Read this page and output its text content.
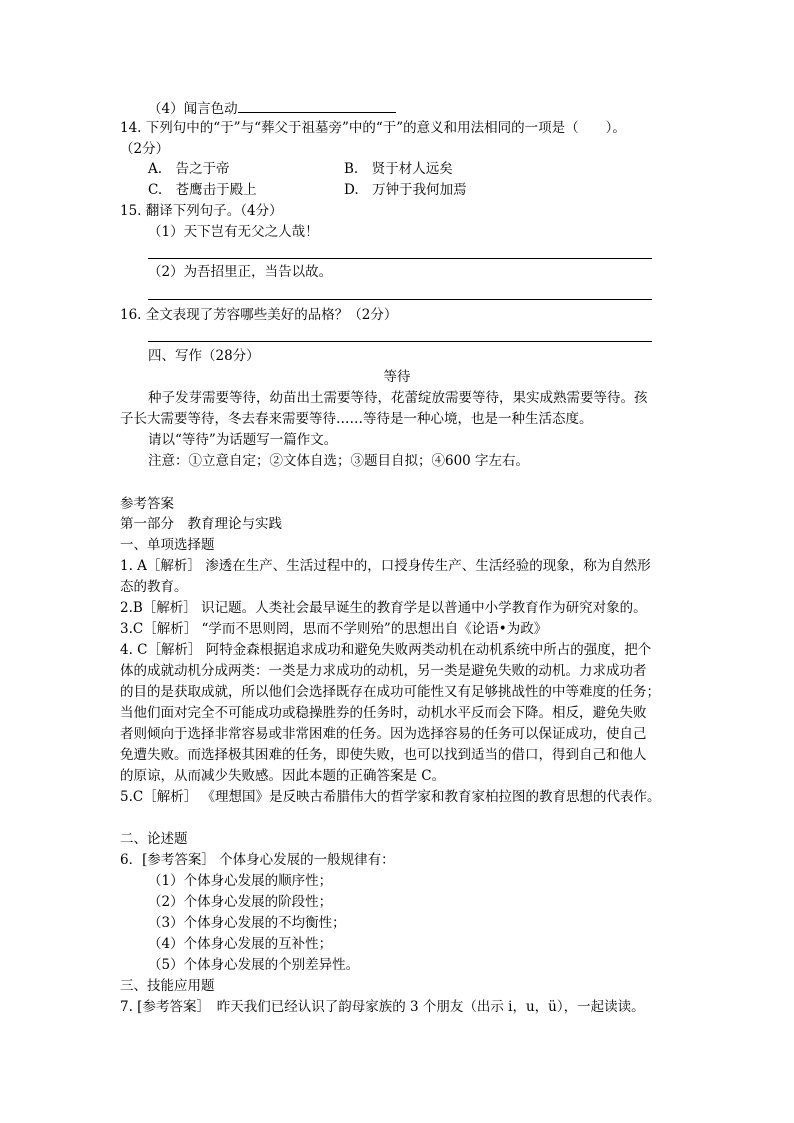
（4）闻言色动
14. 下列句中的“于”与“葬父于祖墓旁”中的“于”的意义和用法相同的一项是（　　）。
（2分）
A.　告之于帝	B.　贤于材人远矣
C.　苍鹰击于殿上	D.　万钟于我何加焉
15. 翻译下列句子。（4分）
（1）天下岂有无父之人哉！
（2）为吾招里正，当告以故。
16. 全文表现了芳容哪些美好的品格？（2分）
四、写作（28分）
等待
种子发芽需要等待，幼苗出土需要等待，花蕾绽放需要等待，果实成熟需要等待。孩
子长大需要等待，冬去春来需要等待……等待是一种心境，也是一种生活态度。
请以“等待”为话题写一篇作文。
注意：①立意自定；②文体自选；③题目自拟；④600 字左右。
参考答案
第一部分　教育理论与实践
一、单项选择题
1. A［解析］ 渗透在生产、生活过程中的，口授身传生产、生活经验的现象，称为自然形
态的教育。
2.B［解析］ 识记题。人类社会最早诞生的教育学是以普通中小学教育作为研究对象的。
3.C［解析］ “学而不思则罔，思而不学则殆”的思想出自《论语•为政》
4. C［解析］ 阿特金森根据追求成功和避免失败两类动机在动机系统中所占的强度，把个
体的成就动机分成两类：一类是力求成功的动机，另一类是避免失败的动机。力求成功者
的目的是获取成就，所以他们会选择既存在成功可能性又有足够挑战性的中等难度的任务；
当他们面对完全不可能成功或稳操胜券的任务时，动机水平反而会下降。相反，避免失败
者则倾向于选择非常容易或非常困难的任务。因为选择容易的任务可以保证成功，使自己
免遭失败。而选择极其困难的任务，即使失败，也可以找到适当的借口，得到自己和他人
的原谅，从而减少失败感。因此本题的正确答案是 C。
5.C［解析］ 《理想国》是反映古希腊伟大的哲学家和教育家柏拉图的教育思想的代表作。
二、论述题
6．[参考答案］ 个体身心发展的一般规律有：
（1）个体身心发展的顺序性；
（2）个体身心发展的阶段性；
（3）个体身心发展的不均衡性；
（4）个体身心发展的互补性；
（5）个体身心发展的个别差异性。
三、技能应用题
7. [参考答案］　昨天我们已经认识了韵母家族的 3 个朋友（出示 i，u，ü），一起读读。
